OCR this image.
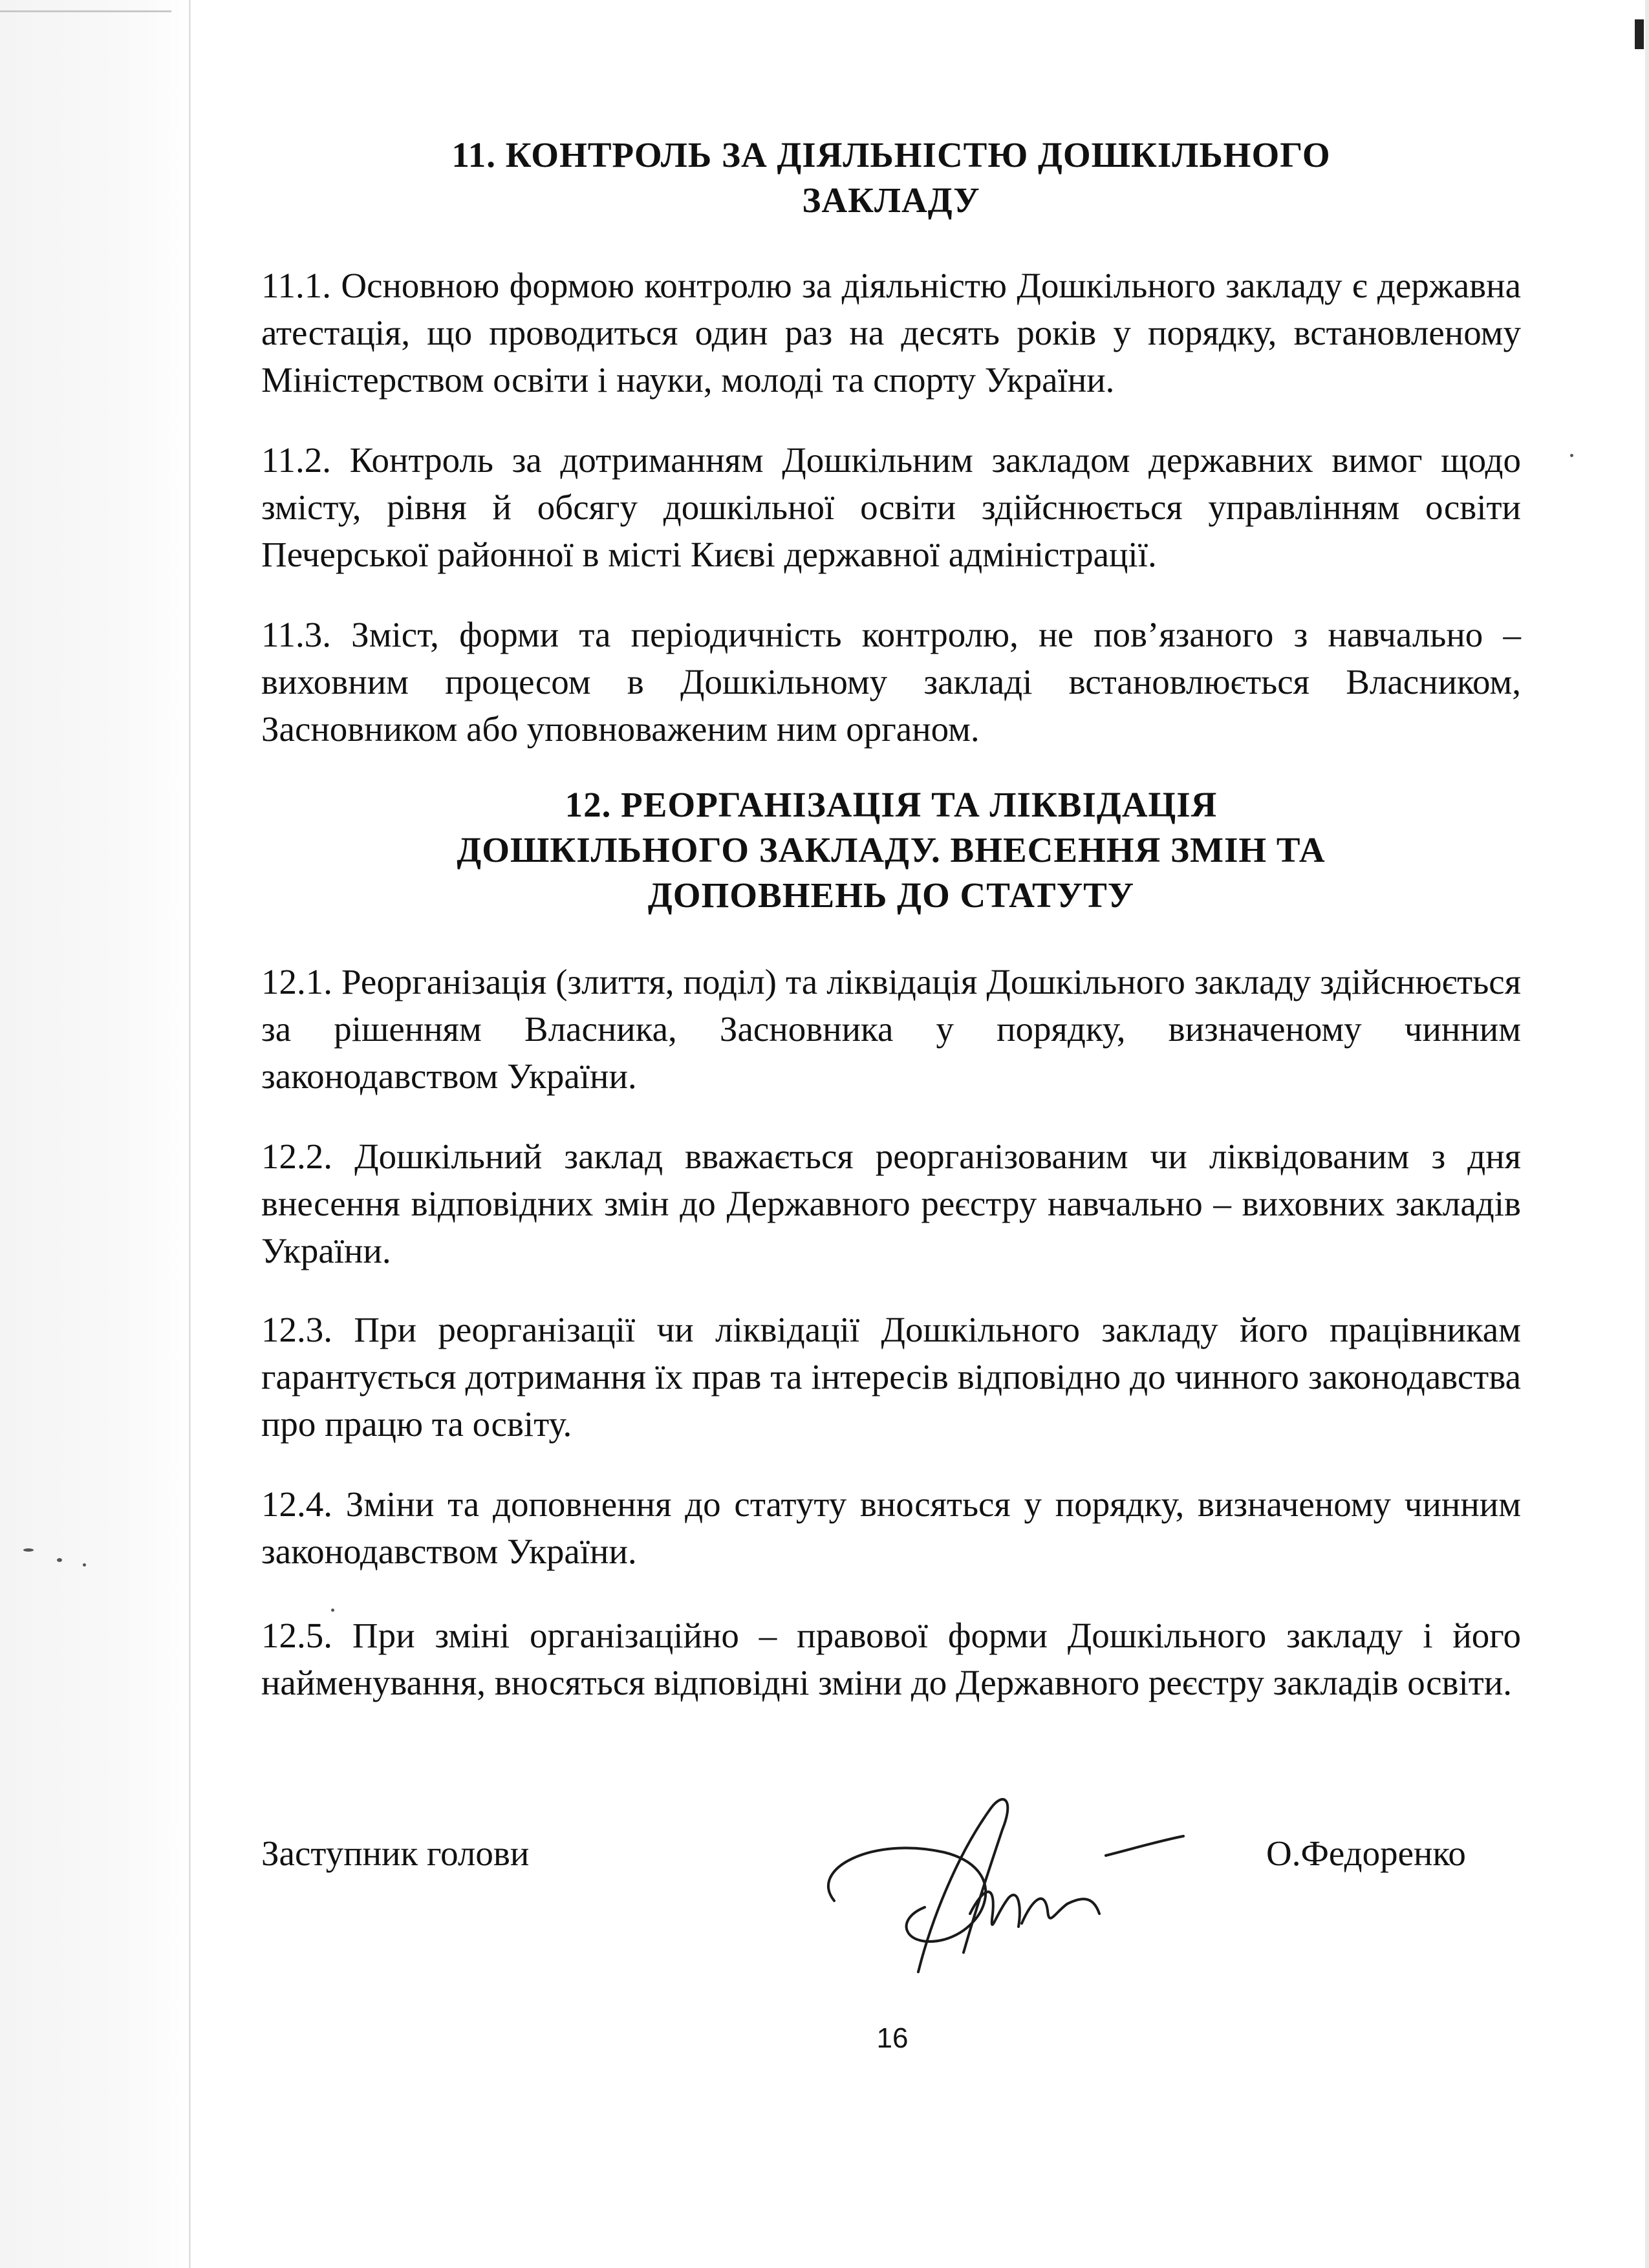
11. КОНТРОЛЬ ЗА ДІЯЛЬНІСТЮ ДОШКІЛЬНОГО
ЗАКЛАДУ

11.1. Основною формою контролю за діяльністю Дошкільного закладу є державна атестація, що проводиться один раз на десять років у порядку, встановленому Міністерством освіти і науки, молоді та спорту України.

11.2. Контроль за дотриманням Дошкільним закладом державних вимог щодо змісту, рівня й обсягу дошкільної освіти здійснюється управлінням освіти Печерської районної в місті Києві державної адміністрації.

11.3. Зміст, форми та періодичність контролю, не пов’язаного з навчально – виховним процесом в Дошкільному закладі встановлюється Власником, Засновником або уповноваженим ним органом.

12. РЕОРГАНІЗАЦІЯ ТА ЛІКВІДАЦІЯ
ДОШКІЛЬНОГО ЗАКЛАДУ. ВНЕСЕННЯ ЗМІН ТА
ДОПОВНЕНЬ ДО СТАТУТУ

12.1. Реорганізація (злиття, поділ) та ліквідація Дошкільного закладу здійснюється за рішенням Власника, Засновника у порядку, визначеному чинним законодавством України.

12.2. Дошкільний заклад вважається реорганізованим чи ліквідованим з дня внесення відповідних змін до Державного реєстру навчально – виховних закладів України.

12.3. При реорганізації чи ліквідації Дошкільного закладу його працівникам гарантується дотримання їх прав та інтересів відповідно до чинного законодавства про працю та освіту.

12.4. Зміни та доповнення до статуту вносяться у порядку, визначеному чинним законодавством України.

12.5. При зміні організаційно – правової форми Дошкільного закладу і його найменування, вносяться відповідні зміни до Державного реєстру закладів освіти.

Заступник голови	О.Федоренко
16
